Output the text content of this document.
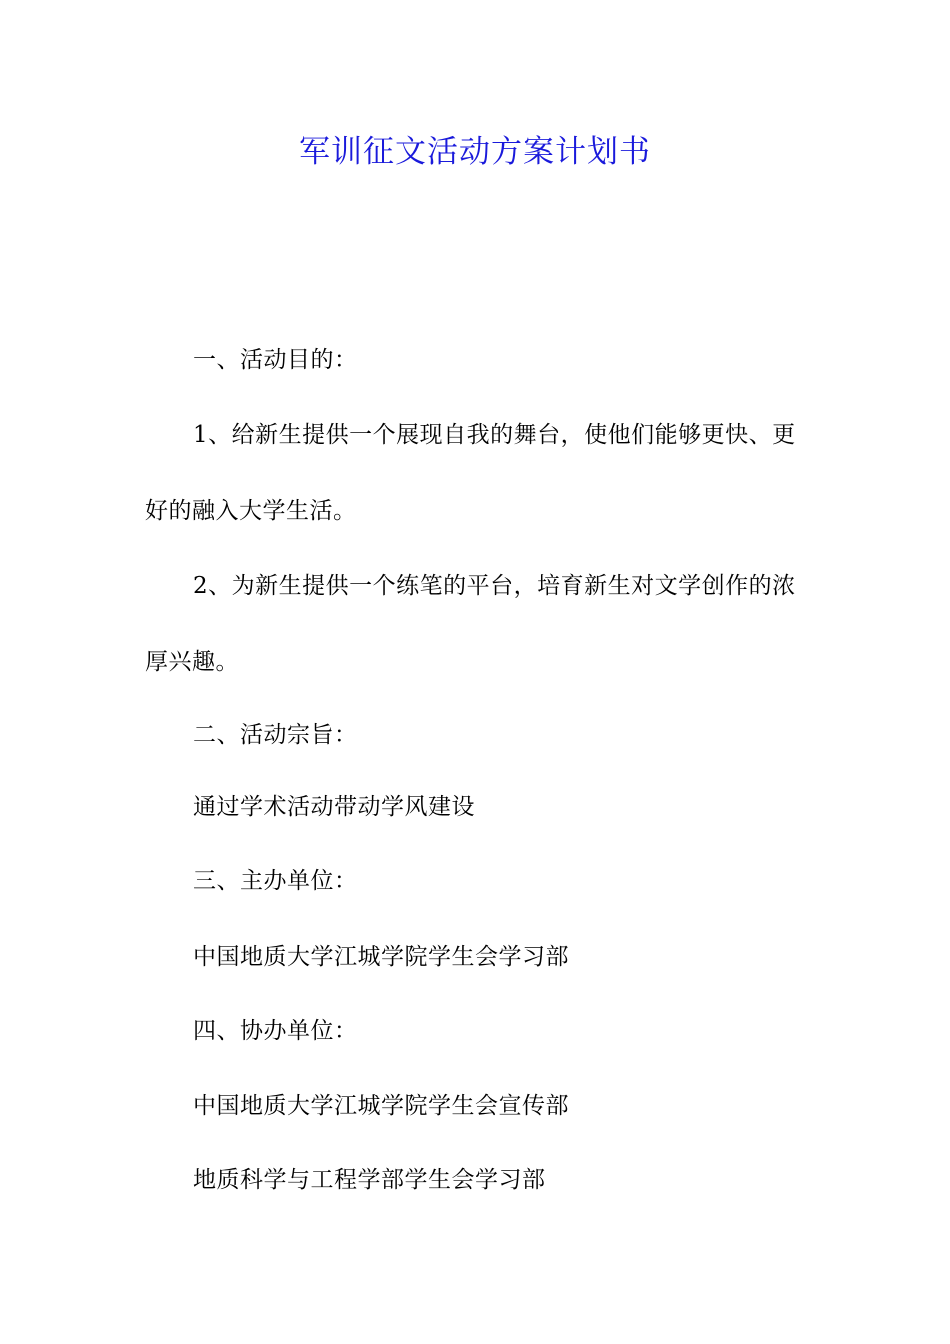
军训征文活动方案计划书
一、活动目的：
1、给新生提供一个展现自我的舞台，使他们能够更快、更好的融入大学生活。
2、为新生提供一个练笔的平台，培育新生对文学创作的浓厚兴趣。
二、活动宗旨：
通过学术活动带动学风建设
三、主办单位：
中国地质大学江城学院学生会学习部
四、协办单位：
中国地质大学江城学院学生会宣传部
地质科学与工程学部学生会学习部
